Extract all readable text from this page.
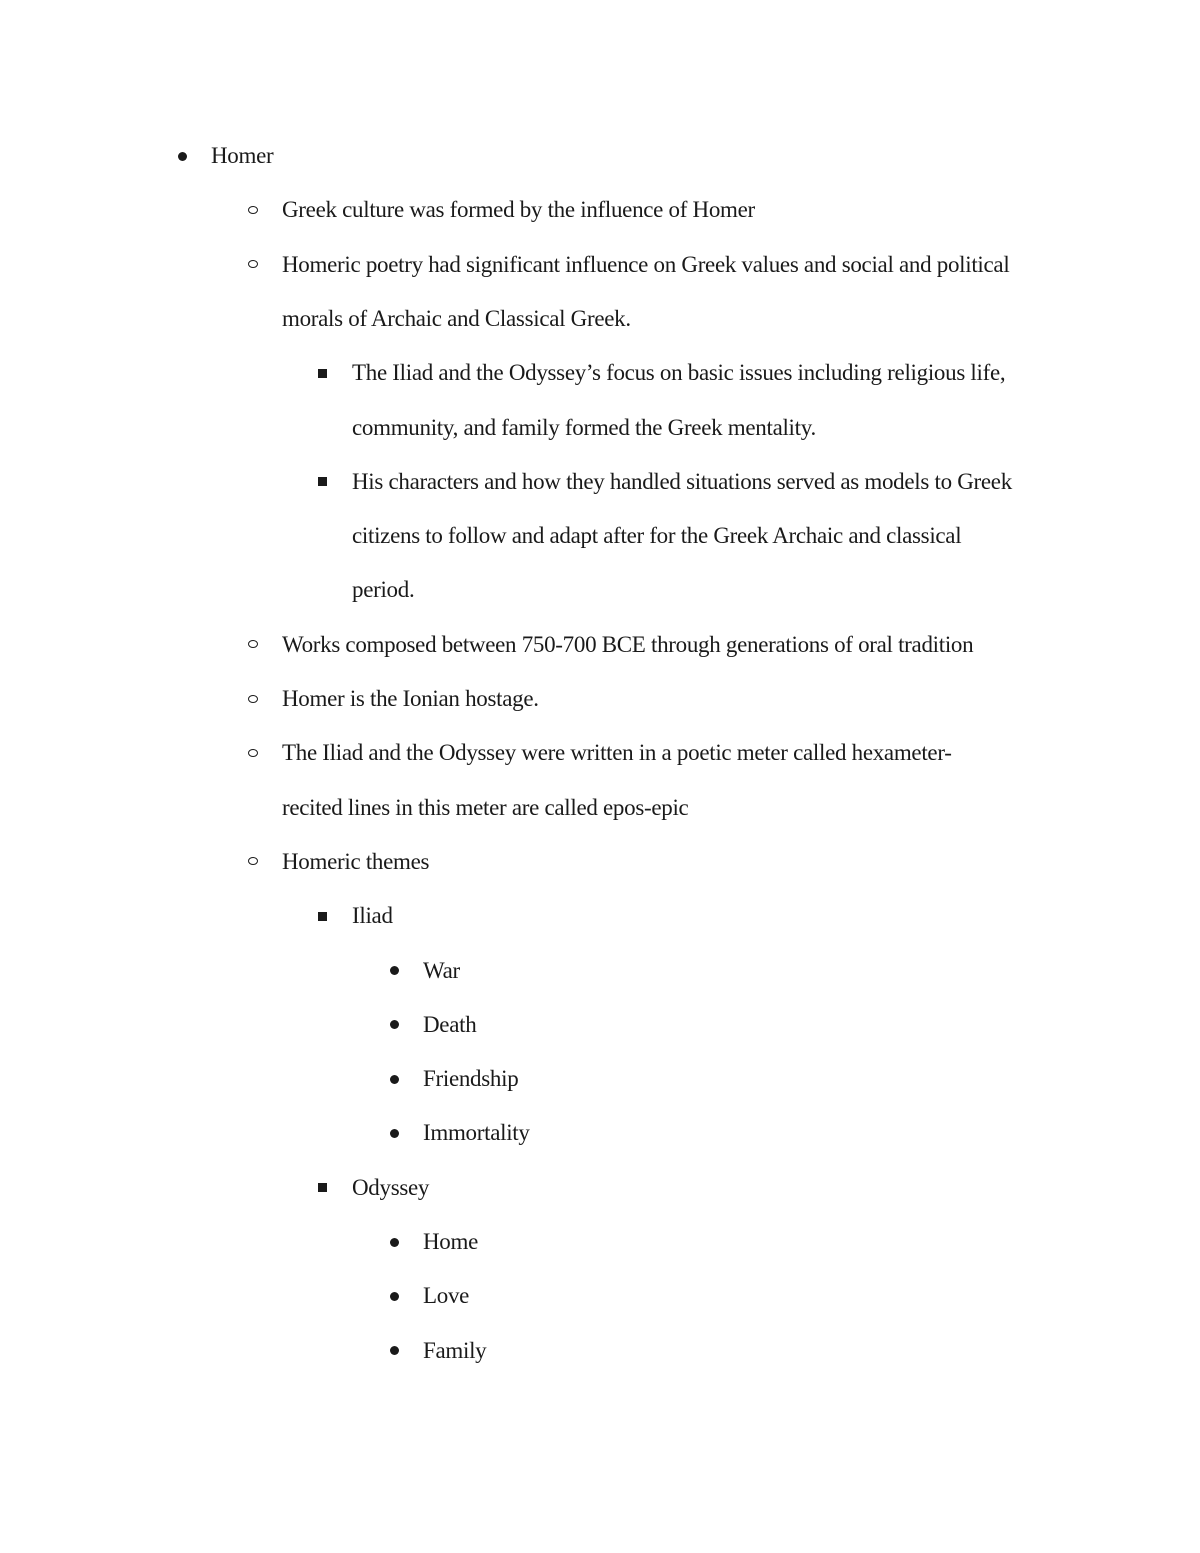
Homer
Greek culture was formed by the influence of Homer
Homeric poetry had significant influence on Greek values and social and political
morals of Archaic and Classical Greek.
The Iliad and the Odyssey’s focus on basic issues including religious life,
community, and family formed the Greek mentality.
His characters and how they handled situations served as models to Greek
citizens to follow and adapt after for the Greek Archaic and classical
period.
Works composed between 750-700 BCE through generations of oral tradition
Homer is the Ionian hostage.
The Iliad and the Odyssey were written in a poetic meter called hexameter-
recited lines in this meter are called epos-epic
Homeric themes
Iliad
War
Death
Friendship
Immortality
Odyssey
Home
Love
Family
